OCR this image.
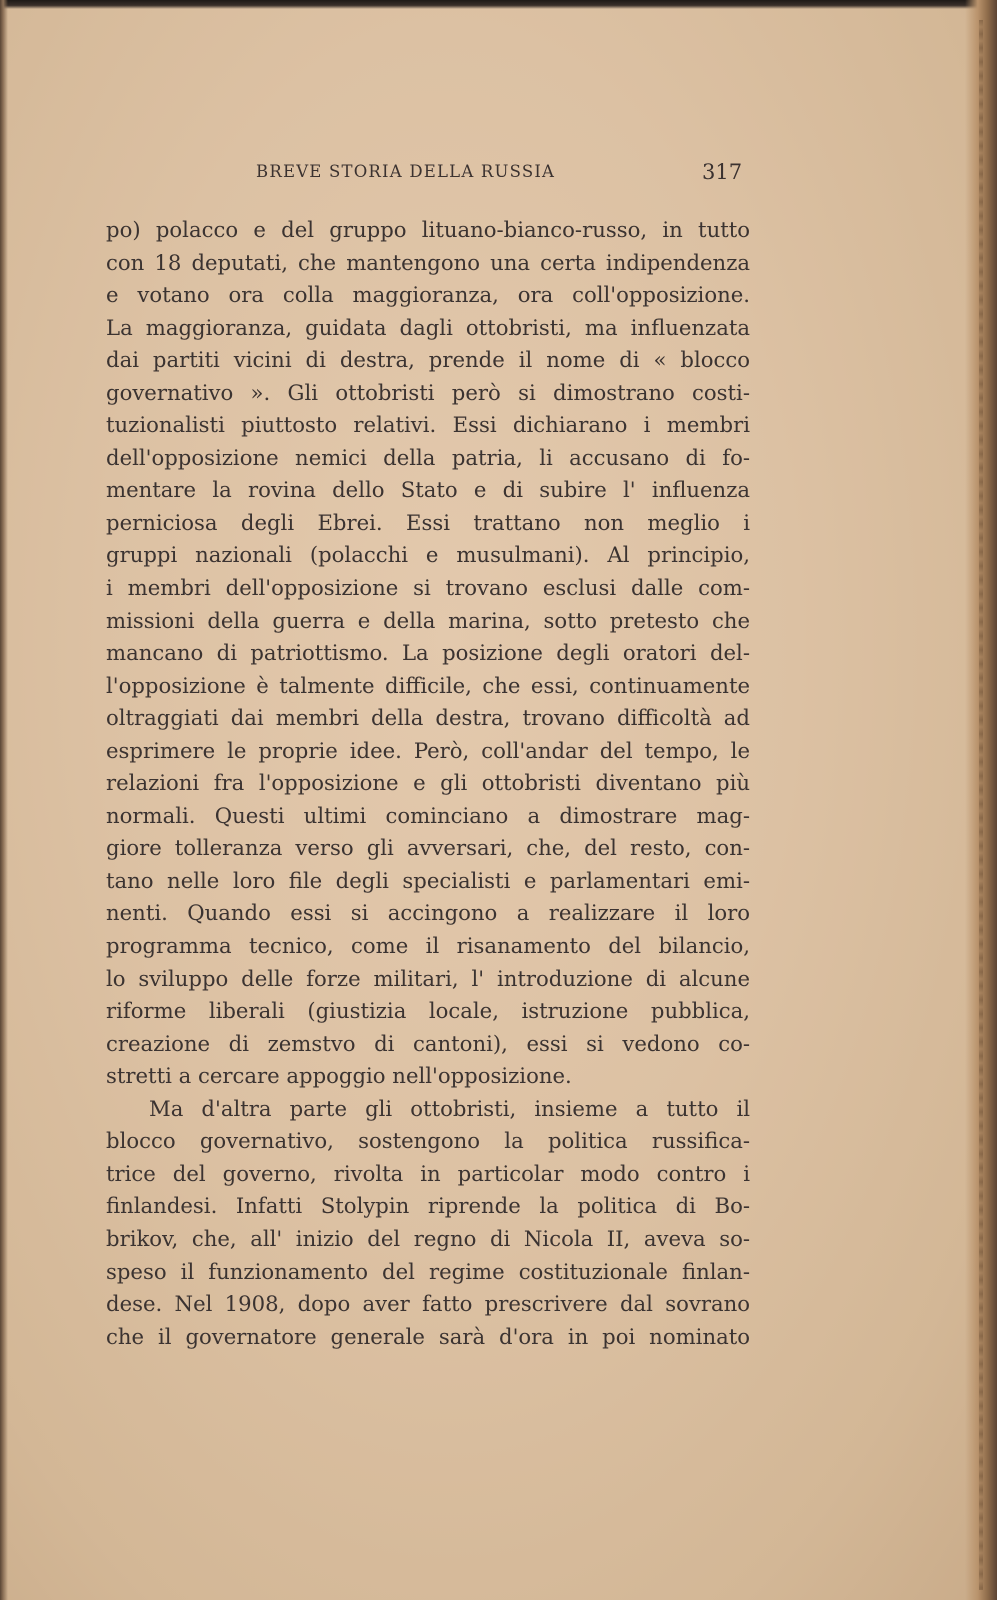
BREVE STORIA DELLA RUSSIA	317
po) polacco e del gruppo lituano-bianco-russo, in tutto
con 18 deputati, che mantengono una certa indipendenza
e votano ora colla maggioranza, ora coll'opposizione.
La maggioranza, guidata dagli ottobristi, ma influenzata
dai partiti vicini di destra, prende il nome di « blocco
governativo ». Gli ottobristi però si dimostrano costi-
tuzionalisti piuttosto relativi. Essi dichiarano i membri
dell'opposizione nemici della patria, li accusano di fo-
mentare la rovina dello Stato e di subire l' influenza
perniciosa degli Ebrei. Essi trattano non meglio i
gruppi nazionali (polacchi e musulmani). Al principio,
i membri dell'opposizione si trovano esclusi dalle com-
missioni della guerra e della marina, sotto pretesto che
mancano di patriottismo. La posizione degli oratori del-
l'opposizione è talmente difficile, che essi, continuamente
oltraggiati dai membri della destra, trovano difficoltà ad
esprimere le proprie idee. Però, coll'andar del tempo, le
relazioni fra l'opposizione e gli ottobristi diventano più
normali. Questi ultimi cominciano a dimostrare mag-
giore tolleranza verso gli avversari, che, del resto, con-
tano nelle loro file degli specialisti e parlamentari emi-
nenti. Quando essi si accingono a realizzare il loro
programma tecnico, come il risanamento del bilancio,
lo sviluppo delle forze militari, l' introduzione di alcune
riforme liberali (giustizia locale, istruzione pubblica,
creazione di zemstvo di cantoni), essi si vedono co-
stretti a cercare appoggio nell'opposizione.
Ma d'altra parte gli ottobristi, insieme a tutto il
blocco governativo, sostengono la politica russifica-
trice del governo, rivolta in particolar modo contro i
finlandesi. Infatti Stolypin riprende la politica di Bo-
brikov, che, all' inizio del regno di Nicola II, aveva so-
speso il funzionamento del regime costituzionale finlan-
dese. Nel 1908, dopo aver fatto prescrivere dal sovrano
che il governatore generale sarà d'ora in poi nominato
